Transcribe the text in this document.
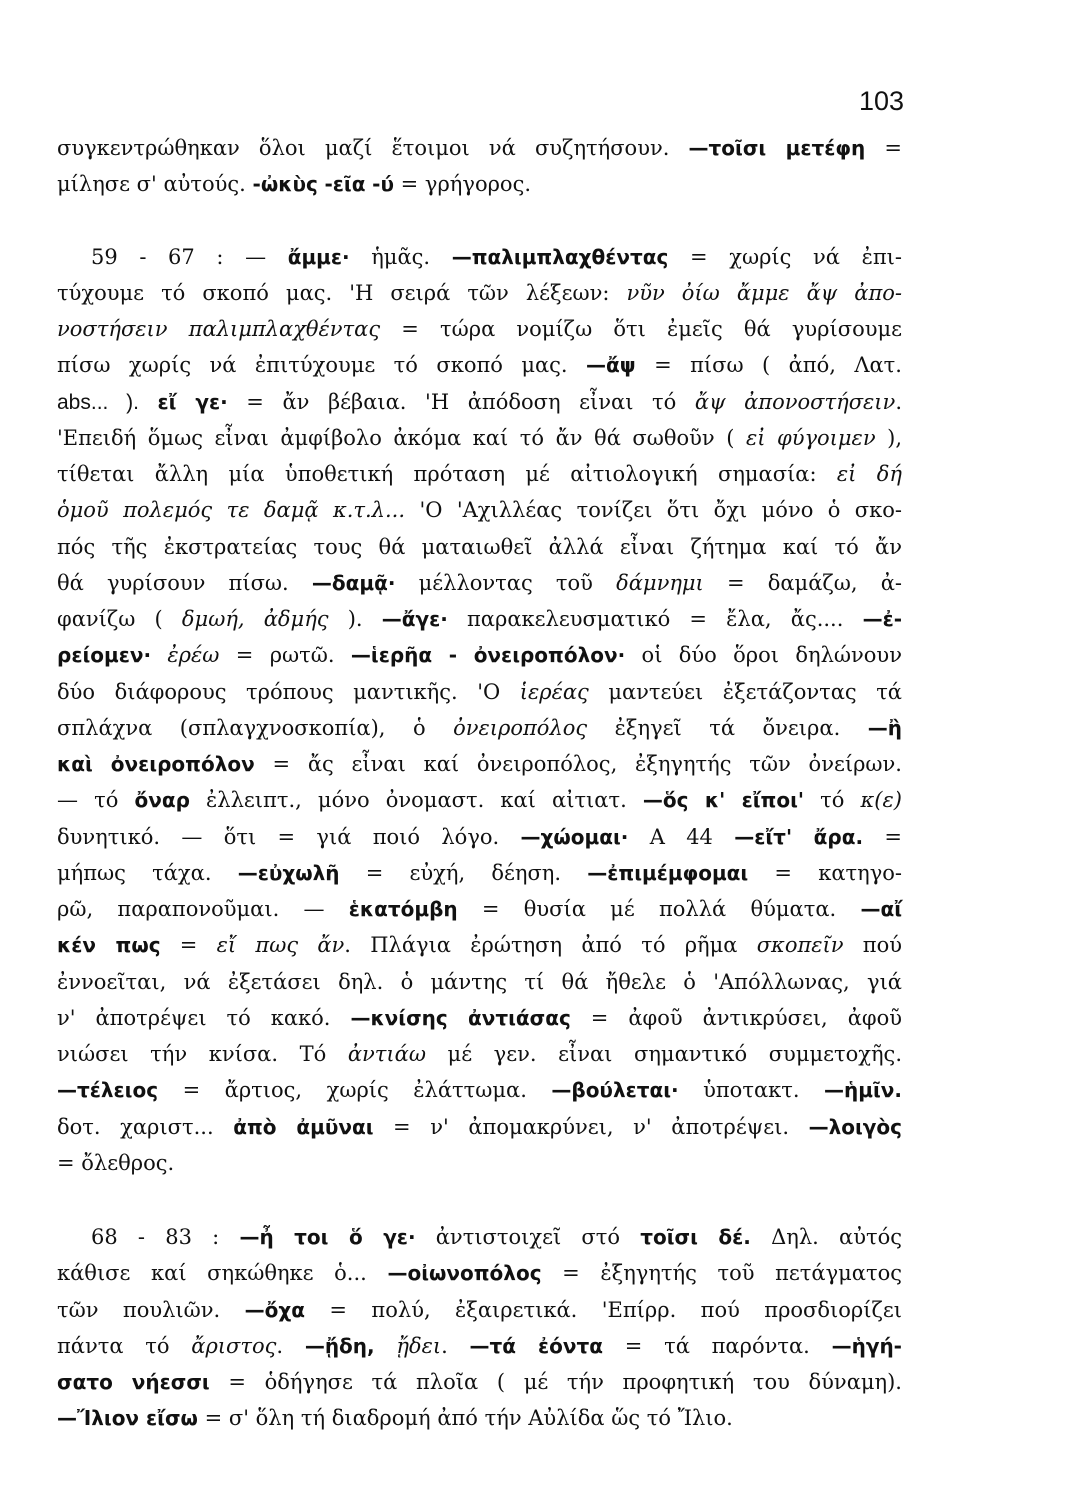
103
συγκεντρώθηκαν ὅλοι μαζί ἕτοιμοι νά συζητήσουν. —τοῖσι μετέφη =
μίλησε σ' αὐτούς. -ὠκὺς -εῖα -ύ = γρήγορος.
59 - 67 : — ἄμμε· ἡμᾶς. —παλιμπλαχθέντας = χωρίς νά ἐπι-
τύχουμε τό σκοπό μας. 'Η σειρά τῶν λέξεων: νῦν ὀίω ἄμμε ἄψ ἀπο-
νοστήσειν παλιμπλαχθέντας = τώρα νομίζω ὅτι ἐμεῖς θά γυρίσουμε
πίσω χωρίς νά ἐπιτύχουμε τό σκοπό μας. —ἄψ = πίσω ( ἀπό, Λατ.
abs... ). εἴ γε· = ἄν βέβαια. 'Η ἀπόδοση εἶναι τό ἄψ ἀπονοστήσειν.
'Επειδή ὅμως εἶναι ἀμφίβολο ἀκόμα καί τό ἄν θά σωθοῦν ( εἰ φύγοιμεν ),
τίθεται ἄλλη μία ὑποθετική πρόταση μέ αἰτιολογική σημασία: εἰ δή
ὁμοῦ πολεμός τε δαμᾷ κ.τ.λ... 'Ο 'Αχιλλέας τονίζει ὅτι ὄχι μόνο ὁ σκο-
πός τῆς ἐκστρατείας τους θά ματαιωθεῖ ἀλλά εἶναι ζήτημα καί τό ἄν
θά γυρίσουν πίσω. —δαμᾷ· μέλλοντας τοῦ δάμνημι = δαμάζω, ἀ-
φανίζω ( δμωή, ἀδμής ). —ἄγε· παρακελευσματικό = ἔλα, ἄς.... —ἐ-
ρείομεν· ἐρέω = ρωτῶ. —ἱερῆα - ὀνειροπόλον· οἱ δύο ὅροι δηλώνουν
δύο διάφορους τρόπους μαντικῆς. 'Ο ἱερέας μαντεύει ἐξετάζοντας τά
σπλάχνα (σπλαγχνοσκοπία), ὁ ὀνειροπόλος ἐξηγεῖ τά ὄνειρα. —ἢ
καὶ ὀνειροπόλον = ἄς εἶναι καί ὀνειροπόλος, ἐξηγητής τῶν ὀνείρων.
— τό ὄναρ ἐλλειπτ., μόνο ὀνομαστ. καί αἰτιατ. —ὅς κ' εἴποι' τό κ(ε)
δυνητικό. — ὅτι = γιά ποιό λόγο. —χώομαι· Α 44 —εἴτ' ἄρα. =
μήπως τάχα. —εὐχωλῆ = εὐχή, δέηση. —ἐπιμέμφομαι = κατηγο-
ρῶ, παραπονοῦμαι. — ἑκατόμβη = θυσία μέ πολλά θύματα. —αἴ
κέν πως = εἴ πως ἄν. Πλάγια ἐρώτηση ἀπό τό ρῆμα σκοπεῖν πού
ἐννοεῖται, νά ἐξετάσει δηλ. ὁ μάντης τί θά ἤθελε ὁ 'Απόλλωνας, γιά
ν' ἀποτρέψει τό κακό. —κνίσης ἀντιάσας = ἀφοῦ ἀντικρύσει, ἀφοῦ
νιώσει τήν κνίσα. Τό ἀντιάω μέ γεν. εἶναι σημαντικό συμμετοχῆς.
—τέλειος = ἄρτιος, χωρίς ἐλάττωμα. —βούλεται· ὑποτακτ. —ἡμῖν.
δοτ. χαριστ... ἀπὸ ἀμῦναι = ν' ἀπομακρύνει, ν' ἀποτρέψει. —λοιγὸς
= ὄλεθρος.
68 - 83 : —ἦ τοι ὅ γε· ἀντιστοιχεῖ στό τοῖσι δέ. Δηλ. αὐτός
κάθισε καί σηκώθηκε ὁ... —οἰωνοπόλος = ἐξηγητής τοῦ πετάγματος
τῶν πουλιῶν. —ὄχα = πολύ, ἐξαιρετικά. 'Επίρρ. πού προσδιορίζει
πάντα τό ἄριστος. —ᾔδη, ᾔδει. —τά ἐόντα = τά παρόντα. —ἡγή-
σατο νήεσσι = ὁδήγησε τά πλοῖα ( μέ τήν προφητική του δύναμη).
—Ἴλιον εἴσω = σ' ὅλη τή διαδρομή ἀπό τήν Αὐλίδα ὥς τό Ἴλιο.
